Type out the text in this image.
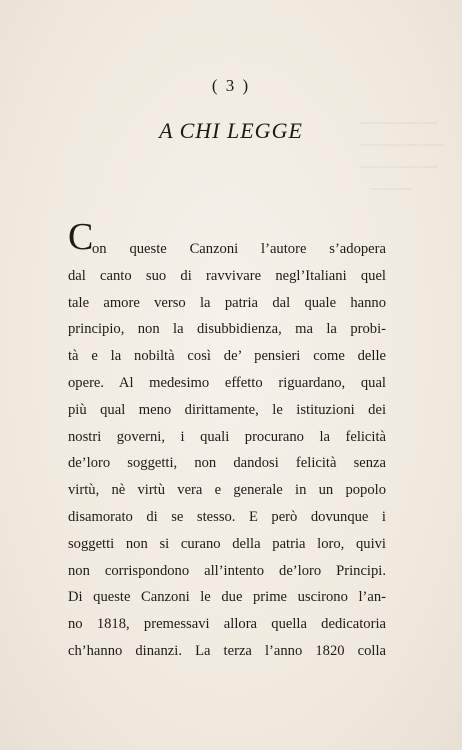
~~~~~~~~~~~
~~~~~~~~~~~~
~~~~~~~~~~~
~~~~~~
( 3 )
A CHI LEGGE
C
on queste Canzoni l’autore s’adopera
dal canto suo di ravvivare negl’Italiani quel
tale amore verso la patria dal quale hanno
principio, non la disubbidienza, ma la probi-
tà e la nobiltà così de’ pensieri come delle
opere. Al medesimo effetto riguardano, qual
più qual meno dirittamente, le istituzioni dei
nostri governi, i quali procurano la felicità
de’loro soggetti, non dandosi felicità senza
virtù, nè virtù vera e generale in un popolo
disamorato di se stesso. E però dovunque i
soggetti non si curano della patria loro, quivi
non corrispondono all’intento de’loro Principi.
Di queste Canzoni le due prime uscirono l’an-
no 1818, premessavi allora quella dedicatoria
ch’hanno dinanzi. La terza l’anno 1820 colla
